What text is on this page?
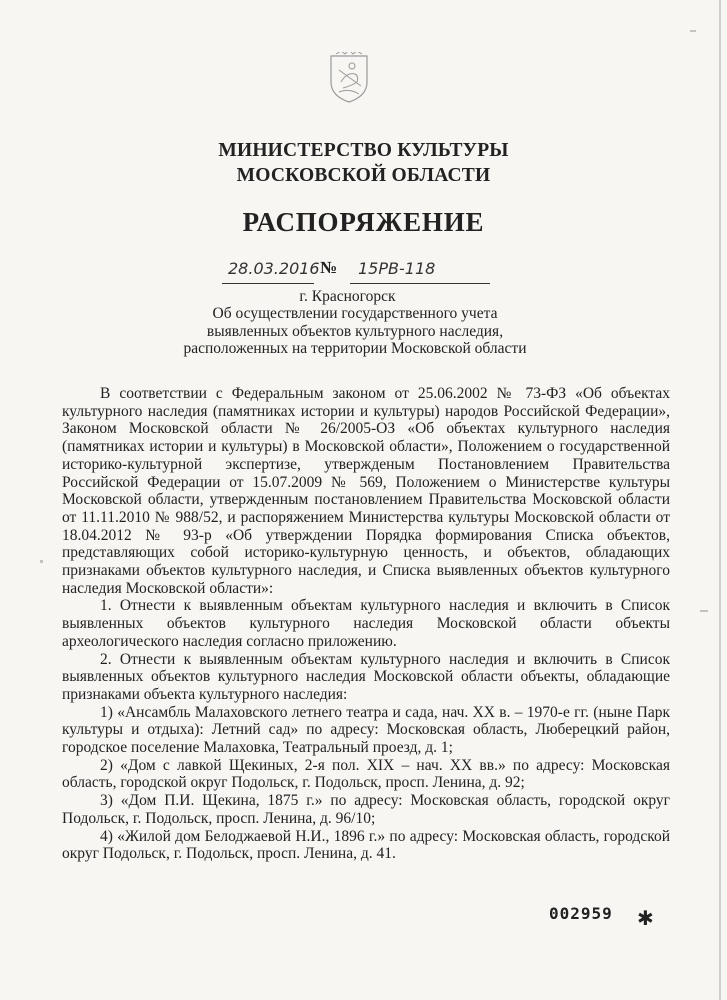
МИНИСТЕРСТВО КУЛЬТУРЫ
МОСКОВСКОЙ ОБЛАСТИ
РАСПОРЯЖЕНИЕ
28.03.2016 № 15РВ-118
г. Красногорск
Об осуществлении государственного учета
выявленных объектов культурного наследия,
расположенных на территории Московской области

В соответствии с Федеральным законом от 25.06.2002 № 73-ФЗ «Об объектах культурного наследия (памятниках истории и культуры) народов Российской Федерации», Законом Московской области № 26/2005-ОЗ «Об объектах культурного наследия (памятниках истории и культуры) в Московской области», Положением о государственной историко-культурной экспертизе, утвержденым Постановлением Правительства Российской Федерации от 15.07.2009 № 569, Положением о Министерстве культуры Московской области, утвержденным постановлением Правительства Московской области от 11.11.2010 № 988/52, и распоряжением Министерства культуры Московской области от 18.04.2012 № 93-р «Об утверждении Порядка формирования Списка объектов, представляющих собой историко-культурную ценность, и объектов, обладающих признаками объектов культурного наследия, и Списка выявленных объектов культурного наследия Московской области»:

1. Отнести к выявленным объектам культурного наследия и включить в Список выявленных объектов культурного наследия Московской области объекты археологического наследия согласно приложению.

2. Отнести к выявленным объектам культурного наследия и включить в Список выявленных объектов культурного наследия Московской области объекты, обладающие признаками объекта культурного наследия:

1) «Ансамбль Малаховского летнего театра и сада, нач. XX в. – 1970-е гг. (ныне Парк культуры и отдыха): Летний сад» по адресу: Московская область, Люберецкий район, городское поселение Малаховка, Театральный проезд, д. 1;

2) «Дом с лавкой Щекиных, 2-я пол. XIX – нач. XX вв.» по адресу: Московская область, городской округ Подольск, г. Подольск, просп. Ленина, д. 92;

3) «Дом П.И. Щекина, 1875 г.» по адресу: Московская область, городской округ Подольск, г. Подольск, просп. Ленина, д. 96/10;

4) «Жилой дом Белоджаевой Н.И., 1896 г.» по адресу: Московская область, городской округ Подольск, г. Подольск, просп. Ленина, д. 41.

002959 ✱
